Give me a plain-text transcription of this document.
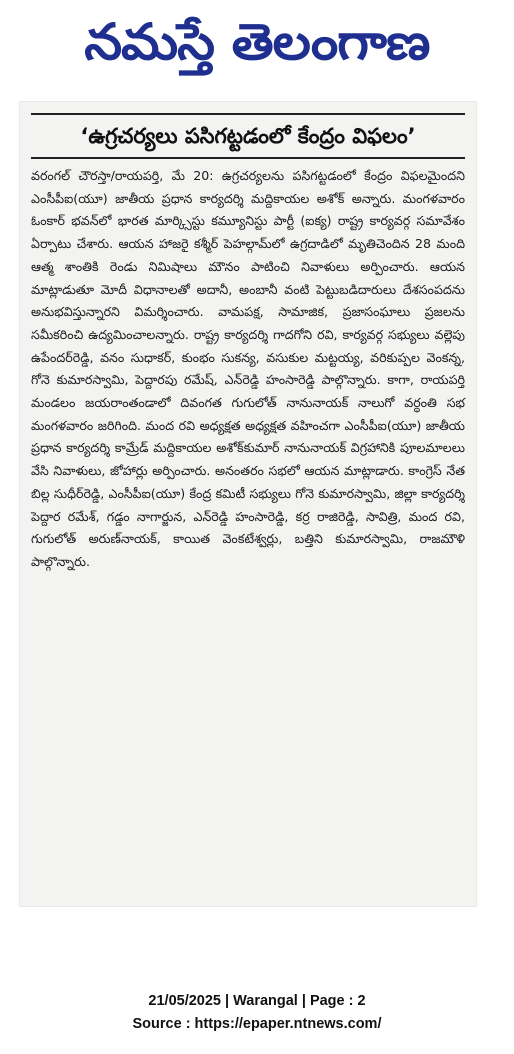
నమస్తే తెలంగాణ
‘ఉగ్రచర్యలు పసిగట్టడంలో కేంద్రం విఫలం’

వరంగల్ చౌరస్తా/రాయపర్తి, మే 20: ఉగ్రచర్యలను పసిగట్టడంలో కేంద్రం విఫలమైందని ఎంసీపీఐ(యూ) జాతీయ ప్రధాన కార్యదర్శి మద్దికాయల అశోక్ అన్నారు. మంగళవారం ఓంకార్ భవన్‌లో భారత మార్క్సిస్టు కమ్యూనిస్టు పార్టీ (ఐక్య) రాష్ట్ర కార్యవర్గ సమావేశం ఏర్పాటు చేశారు. ఆయన హాజరై కశ్మీర్ పెహల్గామ్‌లో ఉగ్రదాడిలో మృతిచెందిన 28 మంది ఆత్మ శాంతికి రెండు నిమిషాలు మౌనం పాటించి నివాళులు అర్పించారు. ఆయన మాట్లాడుతూ మోదీ విధానాలతో అదానీ, అంబానీ వంటి పెట్టుబడిదారులు దేశసంపదను అనుభవిస్తున్నారని విమర్శించారు. వామపక్ష, సామాజిక, ప్రజాసంఘాలు ప్రజలను సమీకరించి ఉద్యమించాలన్నారు. రాష్ట్ర కార్యదర్శి గాదగోని రవి, కార్యవర్గ సభ్యులు వల్లెపు ఉపేందర్‌రెడ్డి, వనం సుధాకర్, కుంభం సుకన్య, వసుకుల మట్టయ్య, వరికుప్పల వెంకన్న, గోనె కుమారస్వామి, పెద్దారపు రమేష్, ఎన్‌రెడ్డి హంసారెడ్డి పాల్గొన్నారు. కాగా, రాయపర్తి మండలం జయరాంతండాలో దివంగత గుగులోత్ నానునాయక్ నాలుగో వర్ధంతి సభ మంగళవారం జరిగింది. మంద రవి అధ్యక్షత అధ్యక్షత వహించగా ఎంసీపీఐ(యూ) జాతీయ ప్రధాన కార్యదర్శి కామ్రేడ్ మద్దికాయల అశోక్‌కుమార్ నానునాయక్ విగ్రహానికి పూలమాలలు వేసి నివాళులు, జోహార్లు అర్పించారు. అనంతరం సభలో ఆయన మాట్లాడారు. కాంగ్రెస్ నేత బిల్ల సుధీర్‌రెడ్డి, ఎంసీపీఐ(యూ) కేంద్ర కమిటీ సభ్యులు గోనె కుమారస్వామి, జిల్లా కార్యదర్శి పెద్దార రమేశ్, గడ్డం నాగార్జున, ఎన్‌రెడ్డి హంసారెడ్డి, కర్ర రాజిరెడ్డి, సావిత్రి, మంద రవి, గుగులోత్ అరుణ్‌నాయక్, కాయిత వెంకటేశ్వర్లు, బత్తిని కుమారస్వామి, రాజమౌళి పాల్గొన్నారు.

21/05/2025 | Warangal | Page : 2
Source : https://epaper.ntnews.com/
